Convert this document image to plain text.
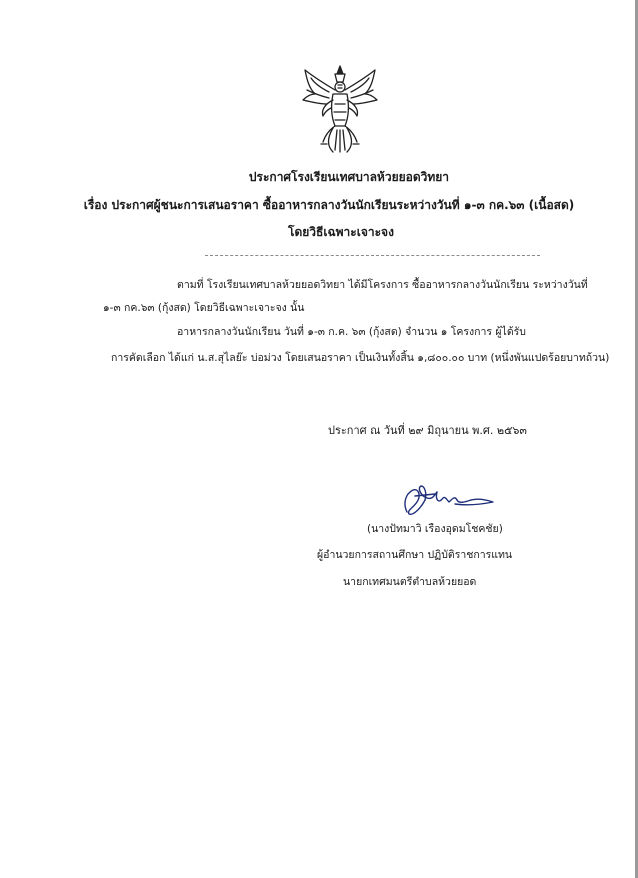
ประกาศโรงเรียนเทศบาลห้วยยอดวิทยา
เรื่อง ประกาศผู้ชนะการเสนอราคา ซื้ออาหารกลางวันนักเรียนระหว่างวันที่ ๑-๓ กค.๖๓ (เนื้อสด)
โดยวิธีเฉพาะเจาะจง
ตามที่ โรงเรียนเทศบาลห้วยยอดวิทยา ได้มีโครงการ ซื้ออาหารกลางวันนักเรียน ระหว่างวันที่
๑-๓ กค.๖๓ (กุ้งสด) โดยวิธีเฉพาะเจาะจง นั้น
อาหารกลางวันนักเรียน วันที่ ๑-๓ ก.ค. ๖๓ (กุ้งสด) จำนวน ๑ โครงการ ผู้ได้รับ
การคัดเลือก ได้แก่ น.ส.สุไลย๊ะ บ่อม่วง โดยเสนอราคา เป็นเงินทั้งสิ้น ๑,๘๐๐.๐๐ บาท (หนึ่งพันแปดร้อยบาทถ้วน)
ประกาศ ณ วันที่ ๒๙ มิถุนายน พ.ศ. ๒๕๖๓
(นางปัทมาวิ เรืองอุดมโชคชัย)
ผู้อำนวยการสถานศึกษา ปฏิบัติราชการแทน
นายกเทศมนตรีตำบลห้วยยอด
